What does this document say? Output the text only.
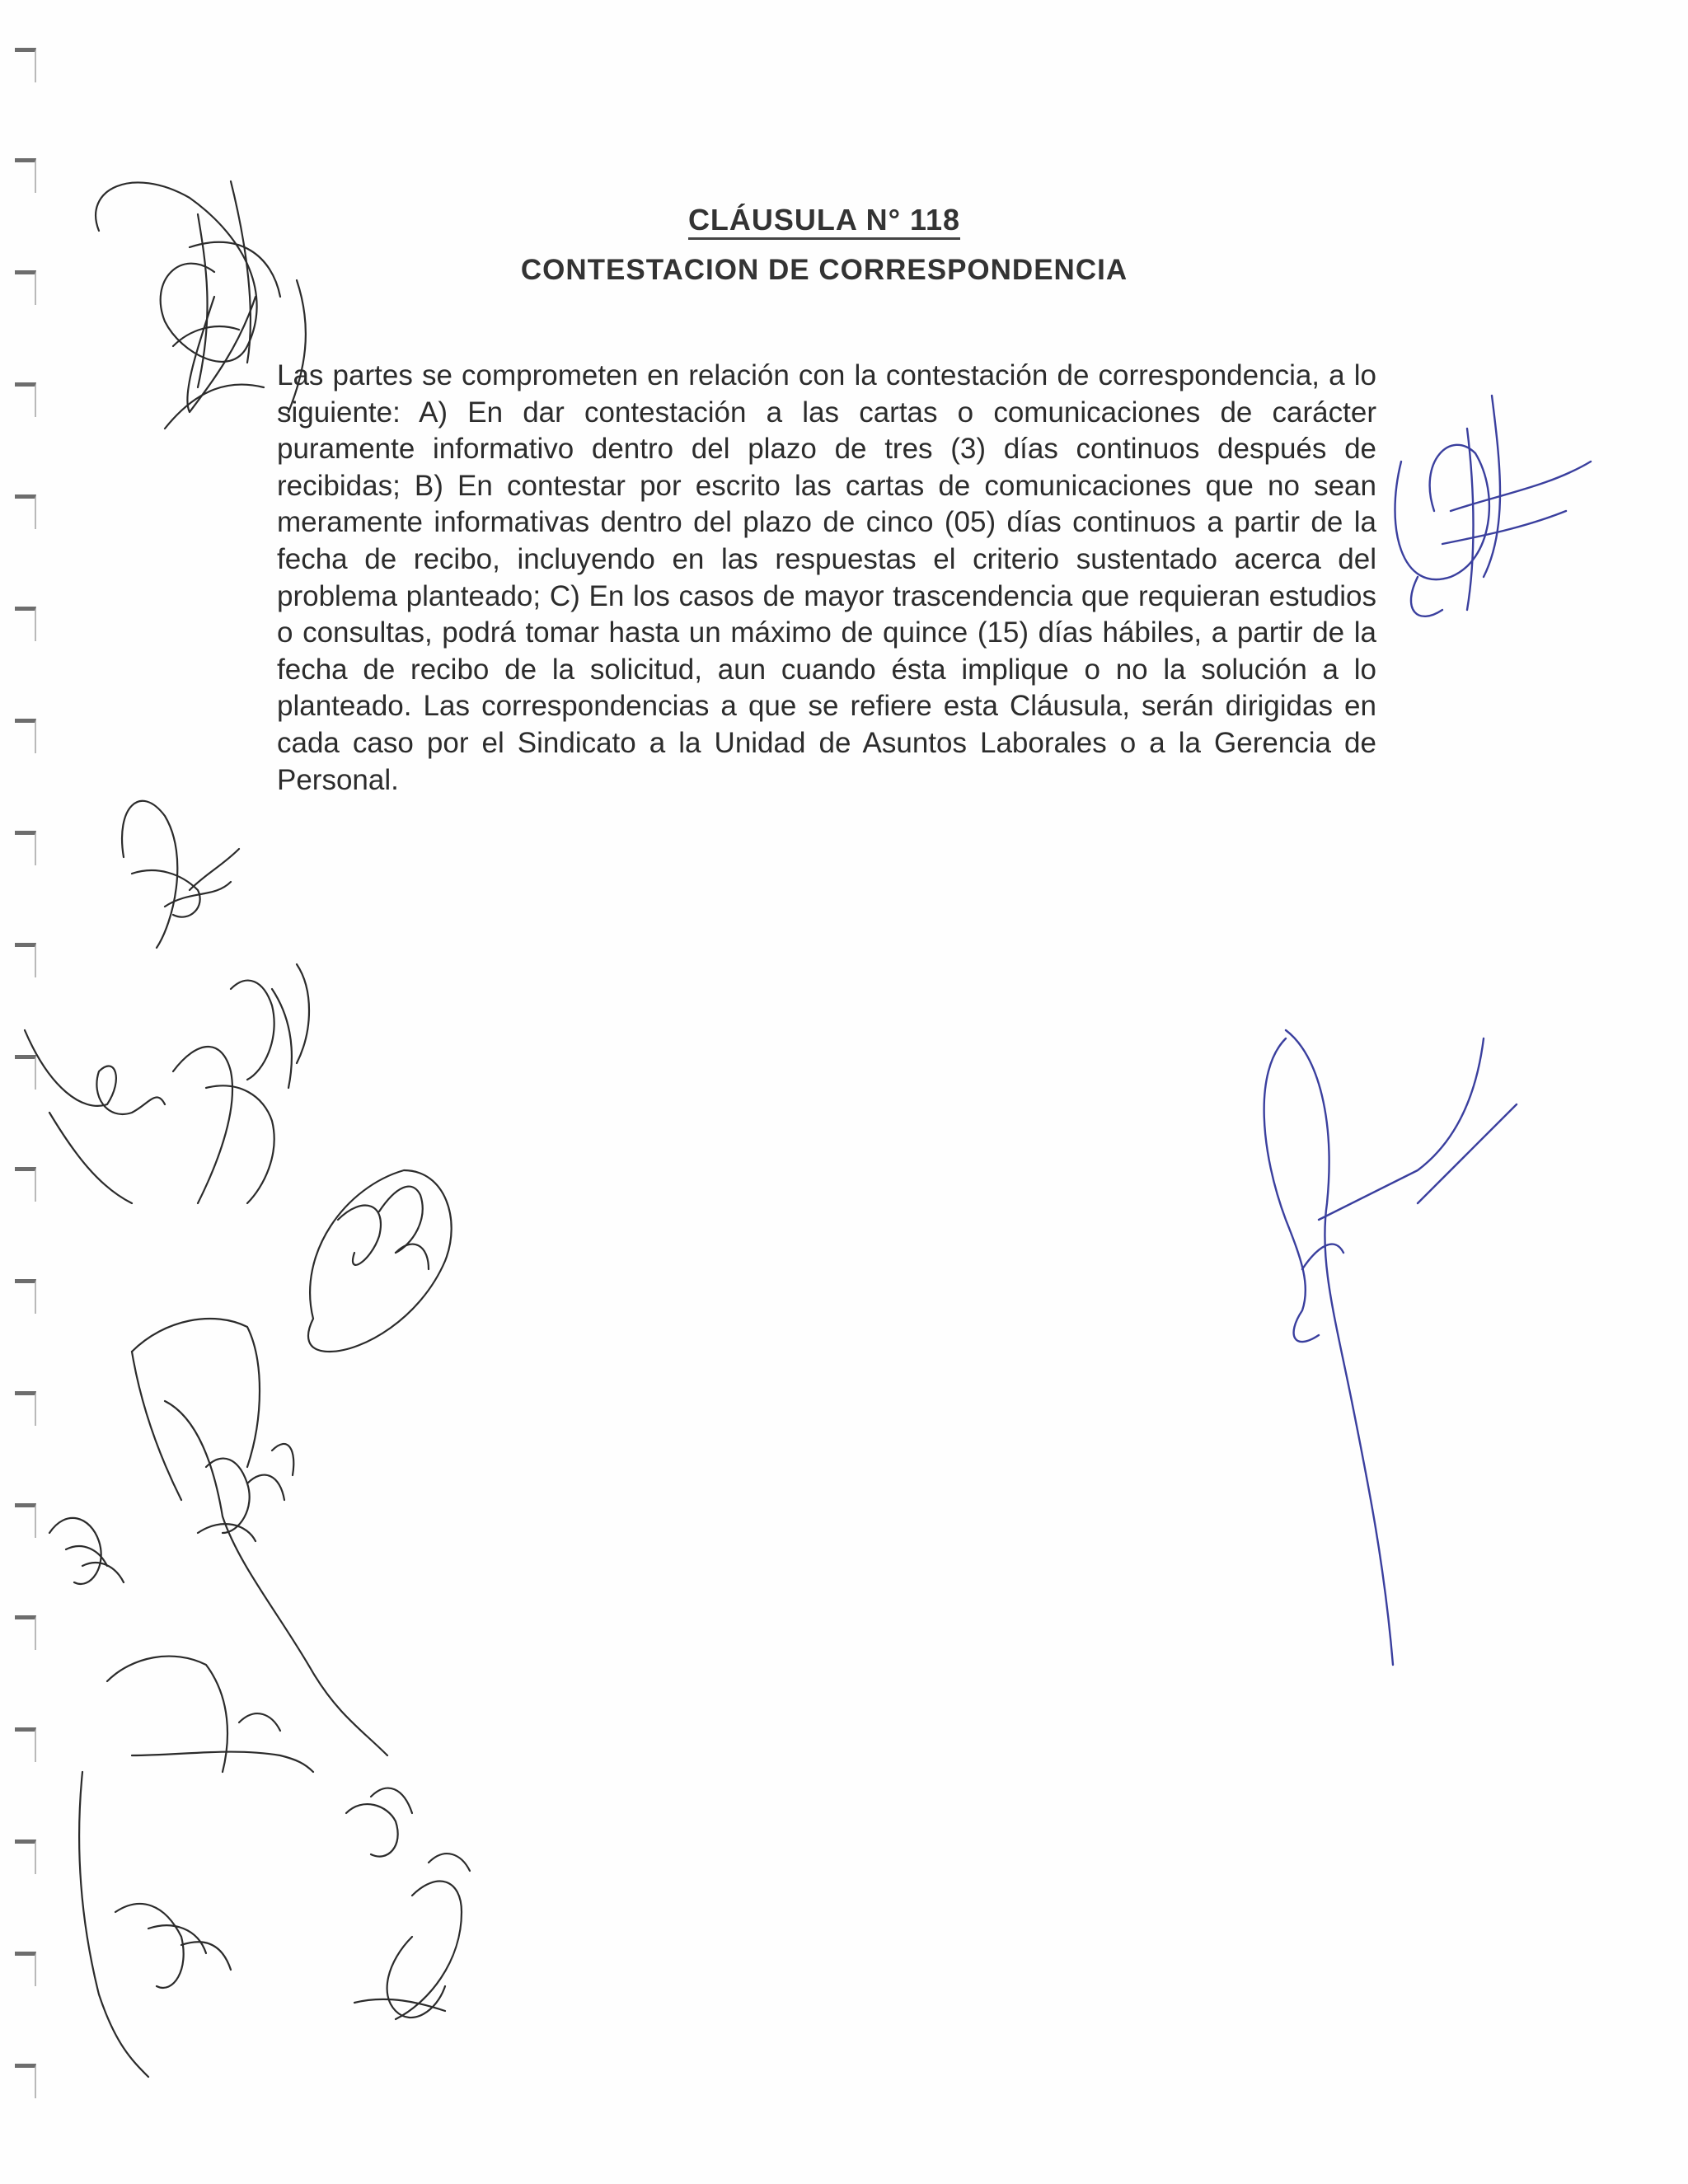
CLÁUSULA N° 118
CONTESTACION DE CORRESPONDENCIA

Las partes se comprometen en relación con la contestación de correspondencia, a lo siguiente: A) En dar contestación a las cartas o comunicaciones de carácter puramente informativo dentro del plazo de tres (3) días continuos después de recibidas; B) En contestar por escrito las cartas de comunicaciones que no sean meramente informativas dentro del plazo de cinco (05) días continuos a partir de la fecha de recibo, incluyendo en las respuestas el criterio sustentado acerca del problema planteado; C) En los casos de mayor trascendencia que requieran estudios o consultas, podrá tomar hasta un máximo de quince (15) días hábiles, a partir de la fecha de recibo de la solicitud, aun cuando ésta implique o no la solución a lo planteado. Las correspondencias a que se refiere esta Cláusula, serán dirigidas en cada caso por el Sindicato a la Unidad de Asuntos Laborales o a la Gerencia de Personal.
